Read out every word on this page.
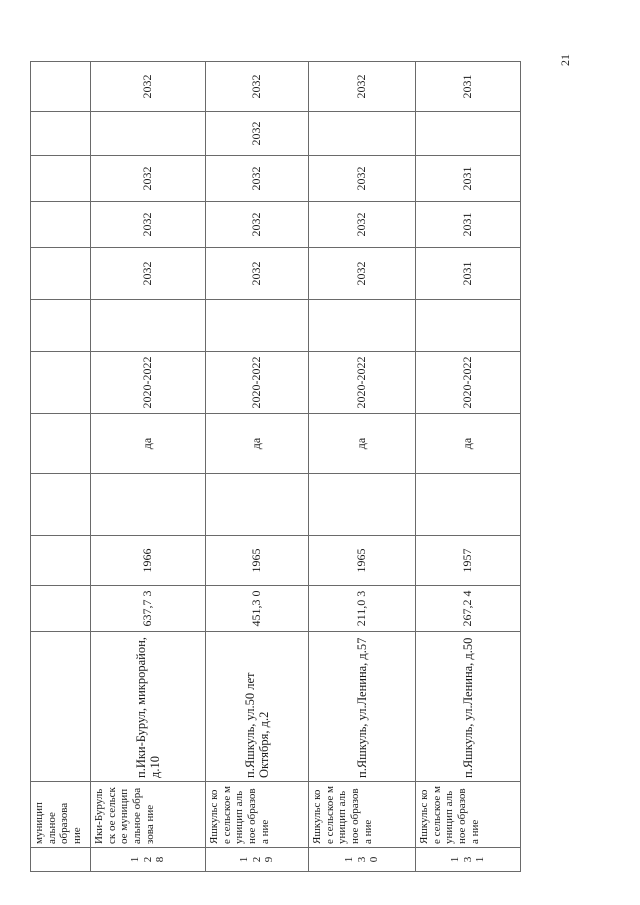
21
	муницип альное образова ние												
1
2
8	Ики-Бурульск ое сельское муницип альное образова ние	п.Ики-Бурул, микрорайон, д.10	637,7 3	1966		да	2020-2022		2032	2032	2032		2032
1
2
9	Яшкульс кое сельское муницип альное образова ние	п.Яшкуль, ул.50 лет Октября, д.2	451,3 0	1965		да	2020-2022		2032	2032	2032	2032	2032
1
3
0	Яшкульс кое сельское муницип альное образова ние	п.Яшкуль, ул.Ленина, д.57	211,0 3	1965		да	2020-2022		2032	2032	2032		2032
1
3
1	Яшкульс кое сельское муницип альное образова ние	п.Яшкуль, ул.Ленина, д.50	267,2 4	1957		да	2020-2022		2031	2031	2031		2031
